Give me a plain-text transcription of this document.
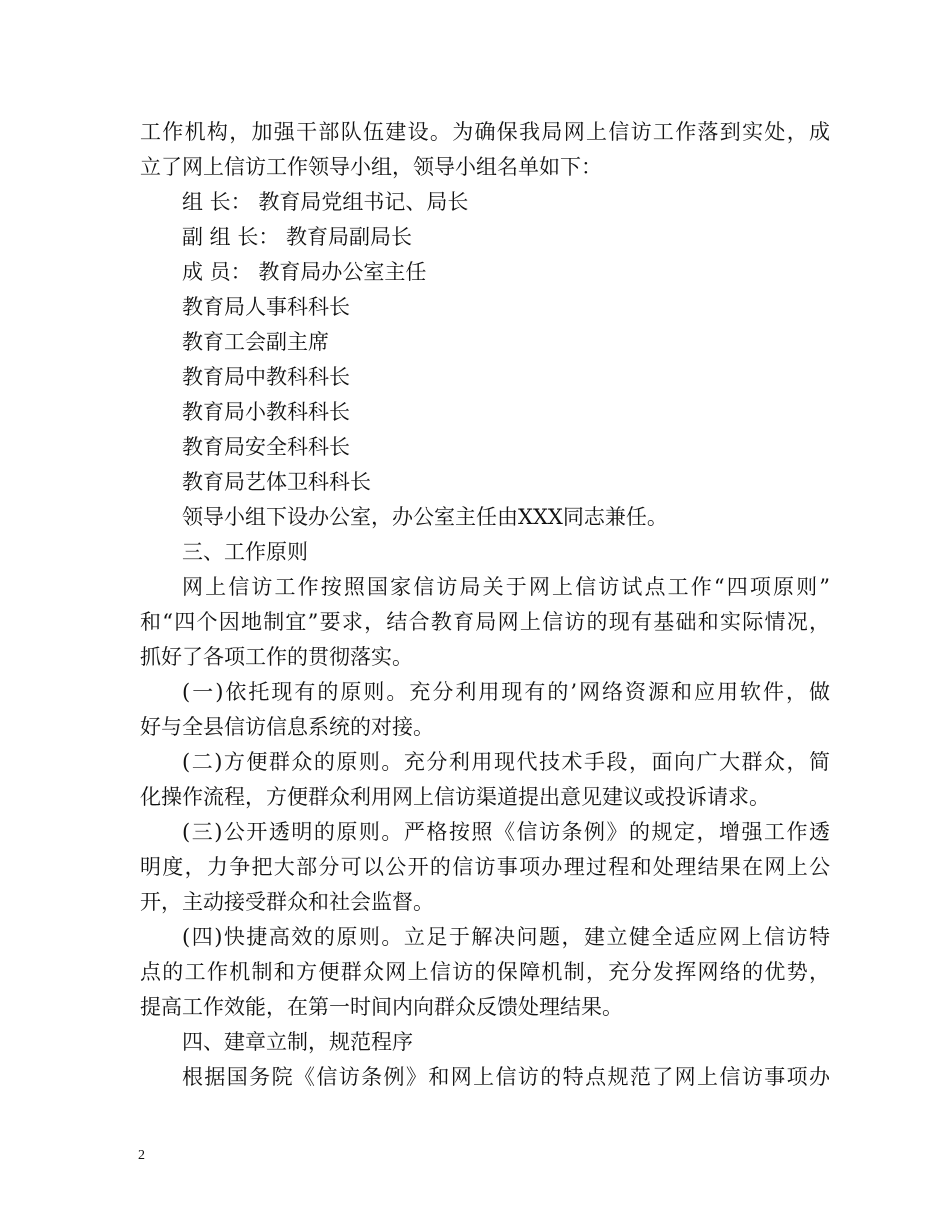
工作机构，加强干部队伍建设。为确保我局网上信访工作落到实处，成
立了网上信访工作领导小组，领导小组名单如下：
组 长： 教育局党组书记、局长
副 组 长： 教育局副局长
成 员： 教育局办公室主任
教育局人事科科长
教育工会副主席
教育局中教科科长
教育局小教科科长
教育局安全科科长
教育局艺体卫科科长
领导小组下设办公室，办公室主任由XXX同志兼任。
三、工作原则
网上信访工作按照国家信访局关于网上信访试点工作“四项原则”
和“四个因地制宜”要求，结合教育局网上信访的现有基础和实际情况，
抓好了各项工作的贯彻落实。
(一)依托现有的原则。充分利用现有的’网络资源和应用软件，做
好与全县信访信息系统的对接。
(二)方便群众的原则。充分利用现代技术手段，面向广大群众，简
化操作流程，方便群众利用网上信访渠道提出意见建议或投诉请求。
(三)公开透明的原则。严格按照《信访条例》的规定，增强工作透
明度，力争把大部分可以公开的信访事项办理过程和处理结果在网上公
开，主动接受群众和社会监督。
(四)快捷高效的原则。立足于解决问题，建立健全适应网上信访特
点的工作机制和方便群众网上信访的保障机制，充分发挥网络的优势，
提高工作效能，在第一时间内向群众反馈处理结果。
四、建章立制，规范程序
根据国务院《信访条例》和网上信访的特点规范了网上信访事项办
2
